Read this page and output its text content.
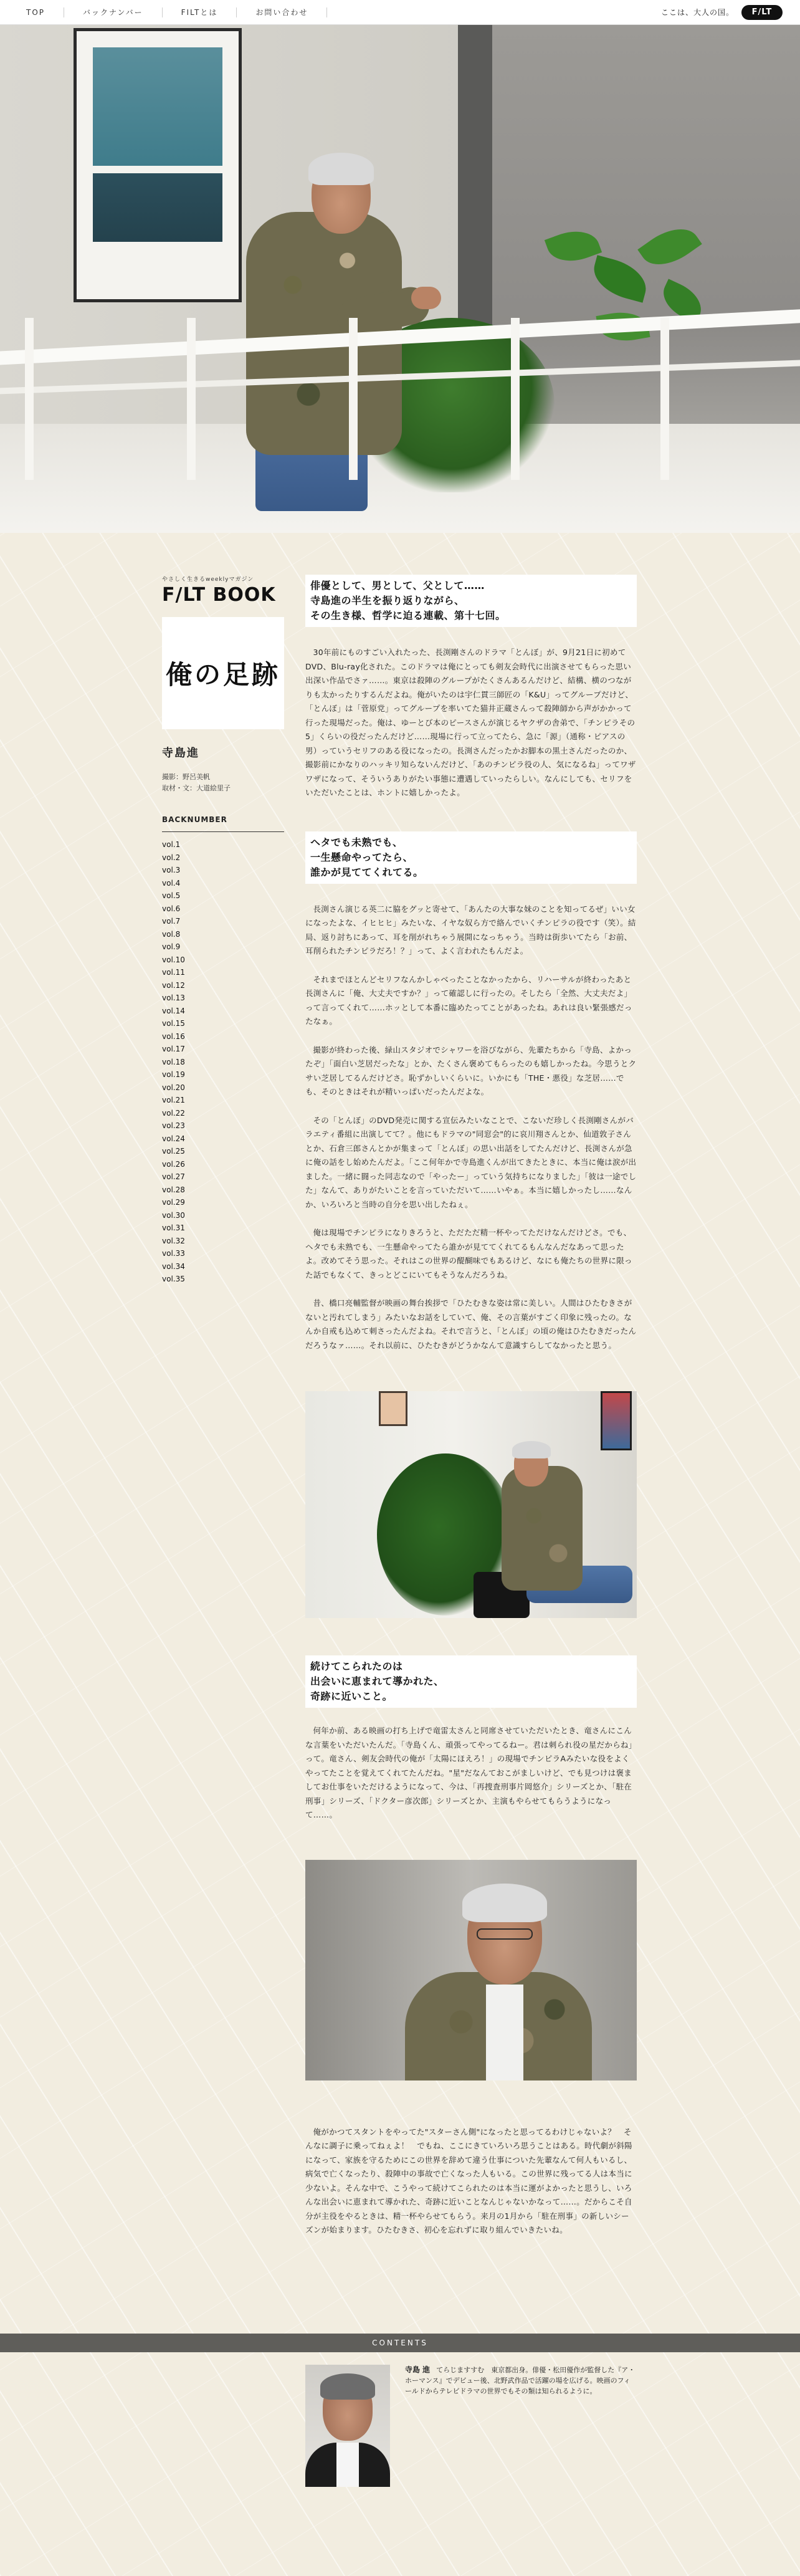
TOP	バックナンバー	FILTとは	お問い合わせ	ここは、大人の国。	F/LT
やさしく生きるweeklyマガジン
F/LT BOOK
俺の足跡
寺島進
撮影：野呂美帆
取材・文：大道絵里子
BACKNUMBER
vol.1
vol.2
vol.3
vol.4
vol.5
vol.6
vol.7
vol.8
vol.9
vol.10
vol.11
vol.12
vol.13
vol.14
vol.15
vol.16
vol.17
vol.18
vol.19
vol.20
vol.21
vol.22
vol.23
vol.24
vol.25
vol.26
vol.27
vol.28
vol.29
vol.30
vol.31
vol.32
vol.33
vol.34
vol.35
俳優として、男として、父として……
寺島進の半生を振り返りながら、
その生き様、哲学に迫る連載、第十七回。

30年前にものすごい入れたった、長渕剛さんのドラマ「とんぼ」が、9月21日に初めてDVD、Blu-ray化された。このドラマは俺にとっても剣友会時代に出演させてもらった思い出深い作品でさァ……。東京は殺陣のグループがたくさんあるんだけど、結構、横のつながりも太かったりするんだよね。俺がいたのは宇仁貫三師匠の「K&U」ってグループだけど、「とんぼ」は「菅原党」ってグループを率いてた猫井正蔵さんって殺陣師から声がかかって行った現場だった。俺は、ゆーとび本のピースさんが演じるヤクザの舎弟で、「チンピラその5」くらいの役だったんだけど……現場に行って立ってたら、急に「源」（通称・ピアスの男）っていうセリフのある役になったの。長渕さんだったかお脚本の黒土さんだったのか、撮影前にかなりのハッキリ知らないんだけど、「あのチンピラ役の人、気になるね」ってワザワザになって、そういうありがたい事態に遭遇していったらしい。なんにしても、セリフをいただいたことは、ホントに嬉しかったよ。

ヘタでも未熟でも、
一生懸命やってたら、
誰かが見ててくれてる。

長渕さん演じる英二に脇をグッと寄せて、「あんたの大事な妹のことを知ってるぜ」いい女になったよな、イヒヒヒ」みたいな、イヤな奴ら方で絡んでいくチンピラの役です（笑）。結局、返り討ちにあって、耳を削がれちゃう展開になっちゃう。当時は街歩いてたら「お前、耳削られたチンピラだろ！？」って、よく言われたもんだよ。

それまでほとんどセリフなんかしゃべったことなかったから、リハーサルが終わったあと長渕さんに「俺、大丈夫ですか？」って確認しに行ったの。そしたら「全然、大丈夫だよ」って言ってくれて……ホッとして本番に臨めたってことがあったね。あれは良い緊張感だったなぁ。

撮影が終わった後、緑山スタジオでシャワーを浴びながら、先輩たちから「寺島、よかったぞ」「面白い芝居だったな」とか、たくさん褒めてもらったのも嬉しかったね。今思うとクサい芝居してるんだけどさ。恥ずかしいくらいに。いかにも「THE・悪役」な芝居……でも、そのときはそれが精いっぱいだったんだよな。

その「とんぼ」のDVD発売に関する宣伝みたいなことで、こないだ珍しく長渕剛さんがバラエティ番組に出演してて？。他にもドラマの"同窓会"的に哀川翔さんとか、仙道敦子さんとか、石倉三郎さんとかが集まって「とんぼ」の思い出話をしてたんだけど、長渕さんが急に俺の話をし始めたんだよ。「ここ何年かで寺島進くんが出てきたときに、本当に俺は涙が出ました。一緒に闘った同志なので「やったー」っていう気持ちになりました」「彼は一途でした」なんて、ありがたいことを言っていただいて……いやぁ。本当に嬉しかったし……なんか、いろいろと当時の自分を思い出したねぇ。

俺は現場でチンピラになりきろうと、ただただ精一杯やってただけなんだけどさ。でも、ヘタでも未熟でも、一生懸命やってたら誰かが見ててくれてるもんなんだなあって思ったよ。改めてそう思った。それはこの世界の醍醐味でもあるけど、なにも俺たちの世界に限った話でもなくて、きっとどこにいてもそうなんだろうね。

昔、橋口亮輔監督が映画の舞台挨拶で「ひたむきな姿は常に美しい。人間はひたむきさがないと汚れてしまう」みたいなお話をしていて、俺、その言葉がすごく印象に残ったの。なんか自戒も込めて刺さったんだよね。それで言うと、「とんぼ」の頃の俺はひたむきだったんだろうなァ……。それ以前に、ひたむきがどうかなんて意識すらしてなかったと思う。

続けてこられたのは
出会いに恵まれて導かれた、
奇跡に近いこと。

何年か前、ある映画の打ち上げで竜雷太さんと同席させていただいたとき、竜さんにこんな言葉をいただいたんだ。「寺島くん、頑張ってやってるねー。君は刺られ役の星だからね」って。竜さん、剣友会時代の俺が「太陽にほえろ！」の現場でチンピラAみたいな役をよくやってたことを覚えてくれてたんだね。"星"だなんておこがましいけど、でも見つけは褒ましてお仕事をいただけるようになって、今は、「再捜査刑事片岡悠介」シリーズとか、「駐在刑事」シリーズ、「ドクター彦次郎」シリーズとか、主演もやらせてもらうようになって……。

俺がかつてスタントをやってた"スターさん側"になったと思ってるわけじゃないよ？　そんなに調子に乗ってねぇよ！　でもね、ここにきていろいろ思うことはある。時代劇が斜陽になって、家族を守るためにこの世界を辞めて違う仕事についた先輩なんて何人もいるし、病気で亡くなったり、殺陣中の事故で亡くなった人もいる。この世界に残ってる人は本当に少ないよ。そんな中で、こうやって続けてこられたのは本当に運がよかったと思うし、いろんな出会いに恵まれて導かれた、奇跡に近いことなんじゃないかなって……。だからこそ自分が主役をやるときは、精一杯やらせてもらう。来月の1月から「駐在刑事」の新しいシーズンが始まります。ひたむきさ、初心を忘れずに取り組んでいきたいね。

CONTENTS
寺島 進 てらじますすむ　東京都出身。俳優・松田優作が監督した『ア・ホーマンス』でデビュー後、北野武作品で活躍の場を広げる。映画のフィールドからテレビドラマの世界でもその類は知られるように。
